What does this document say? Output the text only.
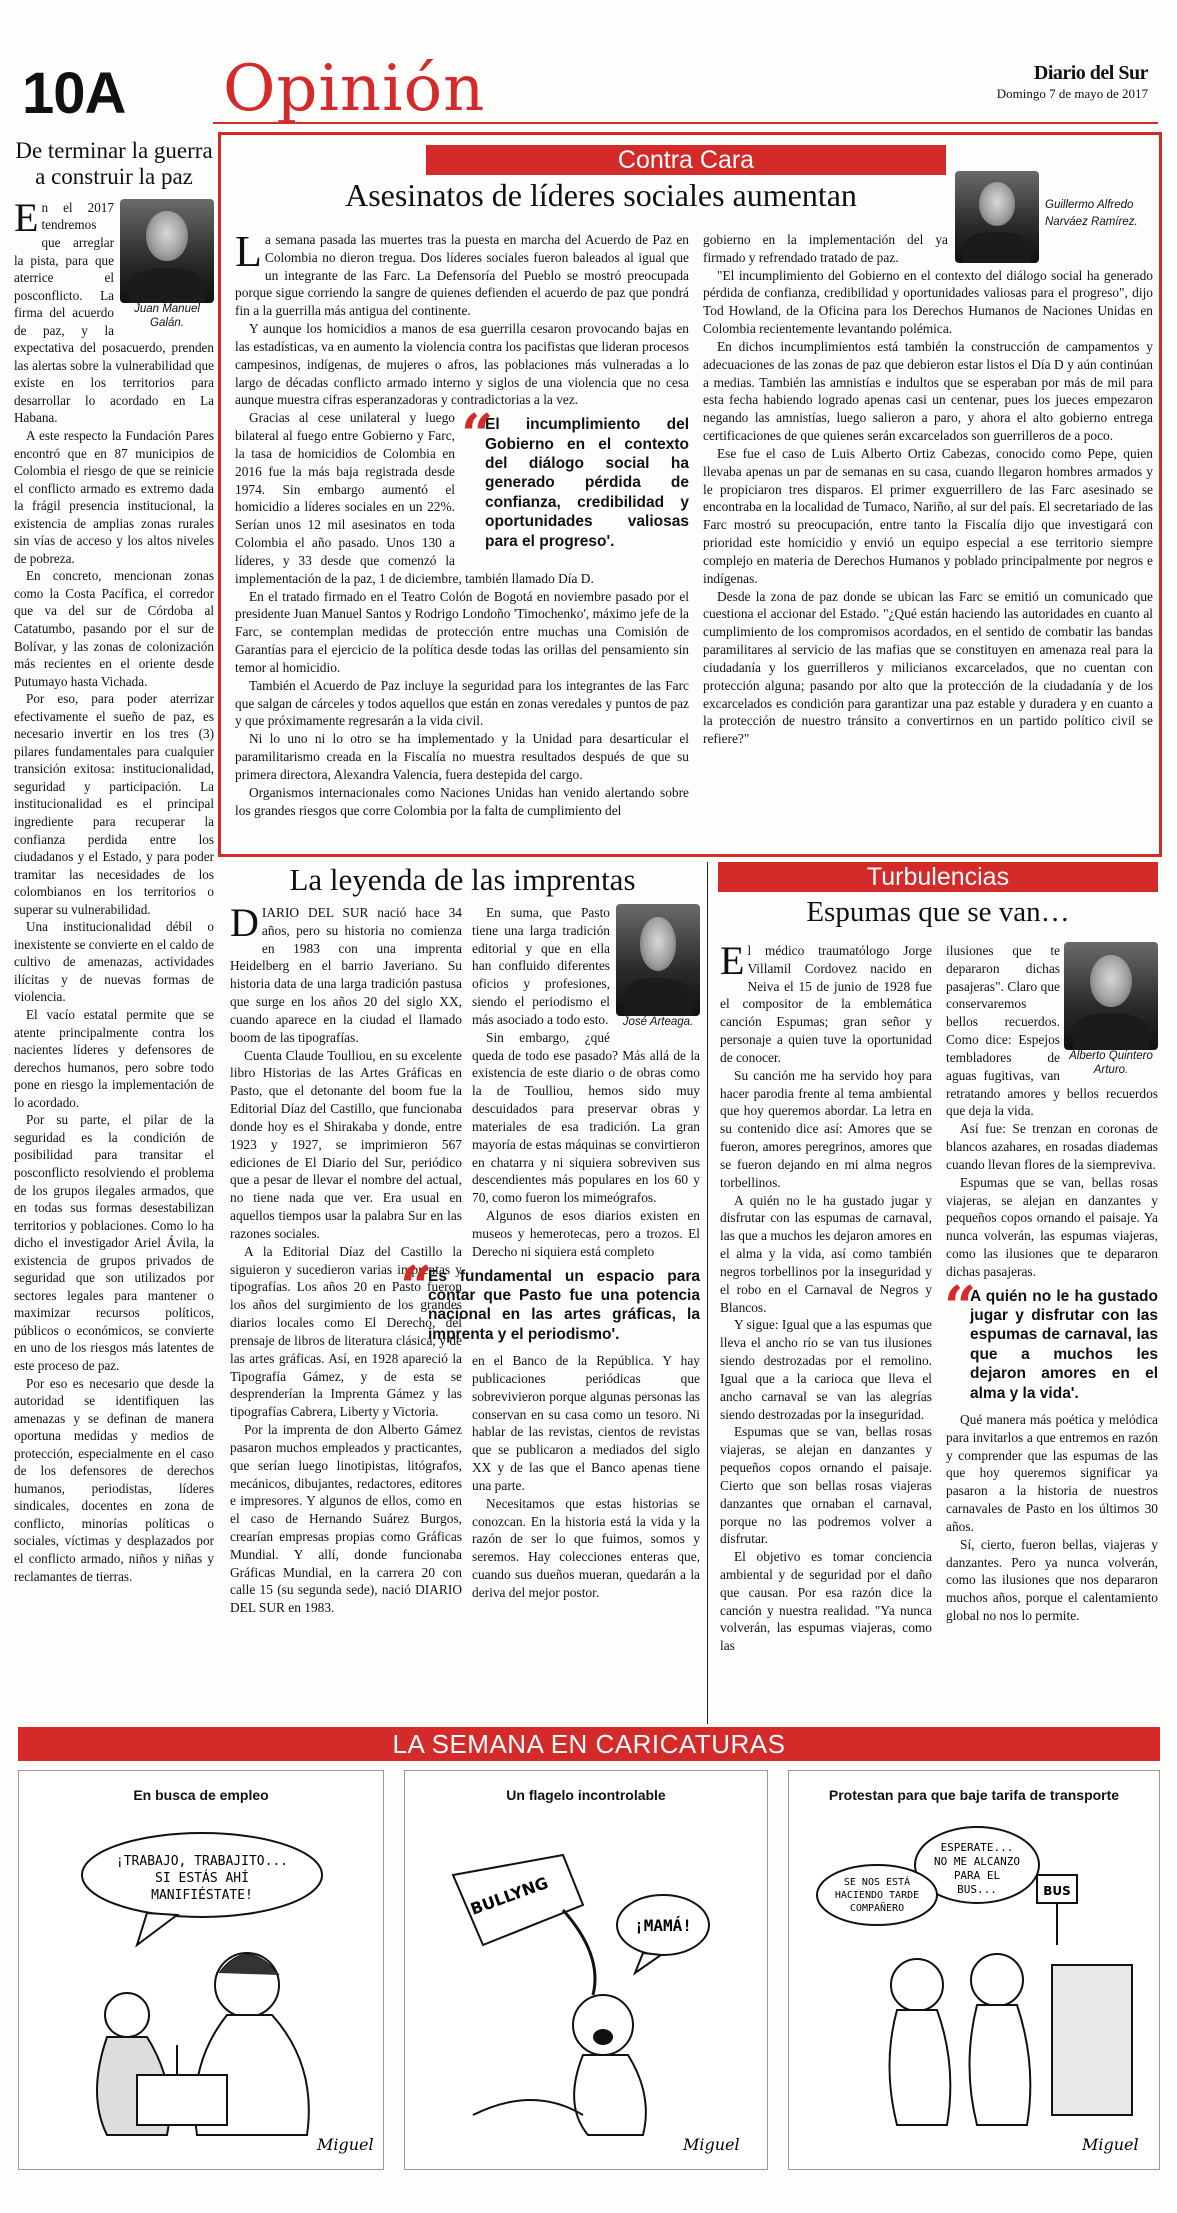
10A Opinión	Diario del Sur
Domingo 7 de mayo de 2017
De terminar la guerra a construir la paz
Juan Manuel Galán.

En el 2017 tendremos que arreglar la pista, para que aterrice el posconflicto. La firma del acuerdo de paz, y la expectativa del posacuerdo, prenden las alertas sobre la vulnerabilidad que existe en los territorios para desarrollar lo acordado en La Habana.

A este respecto la Fundación Pares encontró que en 87 municipios de Colombia el riesgo de que se reinicie el conflicto armado es extremo dada la frágil presencia institucional, la existencia de amplias zonas rurales sin vías de acceso y los altos niveles de pobreza.

En concreto, mencionan zonas como la Costa Pacífica, el corredor que va del sur de Córdoba al Catatumbo, pasando por el sur de Bolívar, y las zonas de colonización más recientes en el oriente desde Putumayo hasta Vichada.

Por eso, para poder aterrizar efectivamente el sueño de paz, es necesario invertir en los tres (3) pilares fundamentales para cualquier transición exitosa: institucionalidad, seguridad y participación. La institucionalidad es el principal ingrediente para recuperar la confianza perdida entre los ciudadanos y el Estado, y para poder tramitar las necesidades de los colombianos en los territorios o superar su vulnerabilidad.

Una institucionalidad débil o inexistente se convierte en el caldo de cultivo de amenazas, actividades ilícitas y de nuevas formas de violencia.

El vacío estatal permite que se atente principalmente contra los nacientes líderes y defensores de derechos humanos, pero sobre todo pone en riesgo la implementación de lo acordado.

Por su parte, el pilar de la seguridad es la condición de posibilidad para transitar el posconflicto resolviendo el problema de los grupos ilegales armados, que en todas sus formas desestabilizan territorios y poblaciones. Como lo ha dicho el investigador Ariel Ávila, la existencia de grupos privados de seguridad que son utilizados por sectores legales para mantener o maximizar recursos políticos, públicos o económicos, se convierte en uno de los riesgos más latentes de este proceso de paz.

Por eso es necesario que desde la autoridad se identifiquen las amenazas y se definan de manera oportuna medidas y medios de protección, especialmente en el caso de los defensores de derechos humanos, periodistas, líderes sindicales, docentes en zona de conflicto, minorías políticas o sociales, víctimas y desplazados por el conflicto armado, niños y niñas y reclamantes de tierras.

Contra Cara
Asesinatos de líderes sociales aumentan	Guillermo Alfredo Narváez Ramírez.

La semana pasada las muertes tras la puesta en marcha del Acuerdo de Paz en Colombia no dieron tregua. Dos líderes sociales fueron baleados al igual que un integrante de las Farc. La Defensoría del Pueblo se mostró preocupada porque sigue corriendo la sangre de quienes defienden el acuerdo de paz que pondrá fin a la guerrilla más antigua del continente.

Y aunque los homicidios a manos de esa guerrilla cesaron provocando bajas en las estadísticas, va en aumento la violencia contra los pacifistas que lideran procesos campesinos, indígenas, de mujeres o afros, las poblaciones más vulneradas a lo largo de décadas conflicto armado interno y siglos de una violencia que no cesa aunque muestra cifras esperanzadoras y contradictorias a la vez.

“
El incumplimiento del Gobierno en el contexto del diálogo social ha generado pérdida de confianza, credibilidad y oportunidades valiosas para el progreso'.

Gracias al cese unilateral y luego bilateral al fuego entre Gobierno y Farc, la tasa de homicidios de Colombia en 2016 fue la más baja registrada desde 1974. Sin embargo aumentó el homicidio a líderes sociales en un 22%. Serían unos 12 mil asesinatos en toda Colombia el año pasado. Unos 130 a líderes, y 33 desde que comenzó la implementación de la paz, 1 de diciembre, también llamado Día D.

En el tratado firmado en el Teatro Colón de Bogotá en noviembre pasado por el presidente Juan Manuel Santos y Rodrigo Londoño 'Timochenko', máximo jefe de la Farc, se contemplan medidas de protección entre muchas una Comisión de Garantías para el ejercicio de la política desde todas las orillas del pensamiento sin temor al homicidio.

También el Acuerdo de Paz incluye la seguridad para los integrantes de las Farc que salgan de cárceles y todos aquellos que están en zonas veredales y puntos de paz y que próximamente regresarán a la vida civil.

Ni lo uno ni lo otro se ha implementado y la Unidad para desarticular el paramilitarismo creada en la Fiscalía no muestra resultados después de que su primera directora, Alexandra Valencia, fuera destepida del cargo.

Organismos internacionales como Naciones Unidas han venido alertando sobre los grandes riesgos que corre Colombia por la falta de cumplimiento del

gobierno en la implementación del ya firmado y refrendado tratado de paz.

"El incumplimiento del Gobierno en el contexto del diálogo social ha generado pérdida de confianza, credibilidad y oportunidades valiosas para el progreso", dijo Tod Howland, de la Oficina para los Derechos Humanos de Naciones Unidas en Colombia recientemente levantando polémica.

En dichos incumplimientos está también la construcción de campamentos y adecuaciones de las zonas de paz que debieron estar listos el Día D y aún continúan a medias. También las amnistías e indultos que se esperaban por más de mil para esta fecha habiendo logrado apenas casi un centenar, pues los jueces empezaron negando las amnistías, luego salieron a paro, y ahora el alto gobierno entrega certificaciones de que quienes serán excarcelados son guerrilleros de a poco.

Ese fue el caso de Luis Alberto Ortiz Cabezas, conocido como Pepe, quien llevaba apenas un par de semanas en su casa, cuando llegaron hombres armados y le propiciaron tres disparos. El primer exguerrillero de las Farc asesinado se encontraba en la localidad de Tumaco, Nariño, al sur del país. El secretariado de las Farc mostró su preocupación, entre tanto la Fiscalía dijo que investigará con prioridad este homicidio y envió un equipo especial a ese territorio siempre complejo en materia de Derechos Humanos y poblado principalmente por negros e indígenas.

Desde la zona de paz donde se ubican las Farc se emitió un comunicado que cuestiona el accionar del Estado. "¿Qué están haciendo las autoridades en cuanto al cumplimiento de los compromisos acordados, en el sentido de combatir las bandas paramilitares al servicio de las mafias que se constituyen en amenaza real para la ciudadanía y los guerrilleros y milicianos excarcelados, que no cuentan con protección alguna; pasando por alto que la protección de la ciudadanía y de los excarcelados es condición para garantizar una paz estable y duradera y en cuanto a la protección de nuestro tránsito a convertirnos en un partido político civil se refiere?"

La leyenda de las imprentas

DIARIO DEL SUR nació hace 34 años, pero su historia no comienza en 1983 con una imprenta Heidelberg en el barrio Javeriano. Su historia data de una larga tradición pastusa que surge en los años 20 del siglo XX, cuando aparece en la ciudad el llamado boom de las tipografías.

Cuenta Claude Toulliou, en su excelente libro Historias de las Artes Gráficas en Pasto, que el detonante del boom fue la Editorial Díaz del Castillo, que funcionaba donde hoy es el Shirakaba y donde, entre 1923 y 1927, se imprimieron 567 ediciones de El Diario del Sur, periódico que a pesar de llevar el nombre del actual, no tiene nada que ver. Era usual en aquellos tiempos usar la palabra Sur en las razones sociales.

A la Editorial Díaz del Castillo la siguieron y sucedieron varias imprentas y tipografías. Los años 20 en Pasto fueron los años del surgimiento de los grandes diarios locales como El Derecho, del prensaje de libros de literatura clásica, y de las artes gráficas. Así, en 1928 apareció la Tipografía Gámez, y de esta se desprenderían la Imprenta Gámez y las tipografías Cabrera, Liberty y Victoria.

Por la imprenta de don Alberto Gámez pasaron muchos empleados y practicantes, que serían luego linotipistas, litógrafos, mecánicos, dibujantes, redactores, editores e impresores. Y algunos de ellos, como en el caso de Hernando Suárez Burgos, crearían empresas propias como Gráficas Mundial. Y allí, donde funcionaba Gráficas Mundial, en la carrera 20 con calle 15 (su segunda sede), nació DIARIO DEL SUR en 1983.

José Arteaga.

En suma, que Pasto tiene una larga tradición editorial y que en ella han confluido diferentes oficios y profesiones, siendo el periodismo el más asociado a todo esto.

Sin embargo, ¿qué queda de todo ese pasado? Más allá de la existencia de este diario o de obras como la de Toulliou, hemos sido muy descuidados para preservar obras y materiales de esa tradición. La gran mayoría de estas máquinas se convirtieron en chatarra y ni siquiera sobreviven sus descendientes más populares en los 60 y 70, como fueron los mimeógrafos.

Algunos de esos diarios existen en museos y hemerotecas, pero a trozos. El Derecho ni siquiera está completo

“
Es fundamental un espacio para contar que Pasto fue una potencia nacional en las artes gráficas, la imprenta y el periodismo'.

en el Banco de la República. Y hay publicaciones periódicas que sobrevivieron porque algunas personas las conservan en su casa como un tesoro. Ni hablar de las revistas, cientos de revistas que se publicaron a mediados del siglo XX y de las que el Banco apenas tiene una parte.

Necesitamos que estas historias se conozcan. En la historia está la vida y la razón de ser lo que fuimos, somos y seremos. Hay colecciones enteras que, cuando sus dueños mueran, quedarán a la deriva del mejor postor.

Turbulencias
Espumas que se van…

El médico traumatólogo Jorge Villamil Cordovez nacido en Neiva el 15 de junio de 1928 fue el compositor de la emblemática canción Espumas; gran señor y personaje a quien tuve la oportunidad de conocer.

Su canción me ha servido hoy para hacer parodia frente al tema ambiental que hoy queremos abordar. La letra en su contenido dice así: Amores que se fueron, amores peregrinos, amores que se fueron dejando en mi alma negros torbellinos.

A quién no le ha gustado jugar y disfrutar con las espumas de carnaval, las que a muchos les dejaron amores en el alma y la vida, así como también negros torbellinos por la inseguridad y el robo en el Carnaval de Negros y Blancos.

Y sigue: Igual que a las espumas que lleva el ancho río se van tus ilusiones siendo destrozadas por el remolino. Igual que a la carioca que lleva el ancho carnaval se van las alegrías siendo destrozadas por la inseguridad.

Espumas que se van, bellas rosas viajeras, se alejan en danzantes y pequeños copos ornando el paisaje. Cierto que son bellas rosas viajeras danzantes que ornaban el carnaval, porque no las podremos volver a disfrutar.

El objetivo es tomar conciencia ambiental y de seguridad por el daño que causan. Por esa razón dice la canción y nuestra realidad. "Ya nunca volverán, las espumas viajeras, como las

Alberto Quintero Arturo.

ilusiones que te depararon dichas pasajeras". Claro que conservaremos bellos recuerdos. Como dice: Espejos tembladores de aguas fugitivas, van retratando amores y bellos recuerdos que deja la vida.

Así fue: Se trenzan en coronas de blancos azahares, en rosadas diademas cuando llevan flores de la siempreviva.

Espumas que se van, bellas rosas viajeras, se alejan en danzantes y pequeños copos ornando el paisaje. Ya nunca volverán, las espumas viajeras, como las ilusiones que te depararon dichas pasajeras.

“
A quién no le ha gustado jugar y disfrutar con las espumas de carnaval, las que a muchos les dejaron amores en el alma y la vida'.

Qué manera más poética y melódica para invitarlos a que entremos en razón y comprender que las espumas de las que hoy queremos significar ya pasaron a la historia de nuestros carnavales de Pasto en los últimos 30 años.

Sí, cierto, fueron bellas, viajeras y danzantes. Pero ya nunca volverán, como las ilusiones que nos depararon muchos años, porque el calentamiento global no nos lo permite.

LA SEMANA EN CARICATURAS
En busca de empleo
¡TRABAJO, TRABAJITO...
SI ESTÁS AHÍ
MANIFIÉSTATE!
Miguel
Un flagelo incontrolable
BULLYNG
¡MAMÁ!
Miguel
Protestan para que baje tarifa de transporte
ESPERATE...
NO ME ALCANZO
PARA EL
BUS...
SE NOS ESTÁ
HACIENDO TARDE
COMPAÑERO
BUS
Miguel
